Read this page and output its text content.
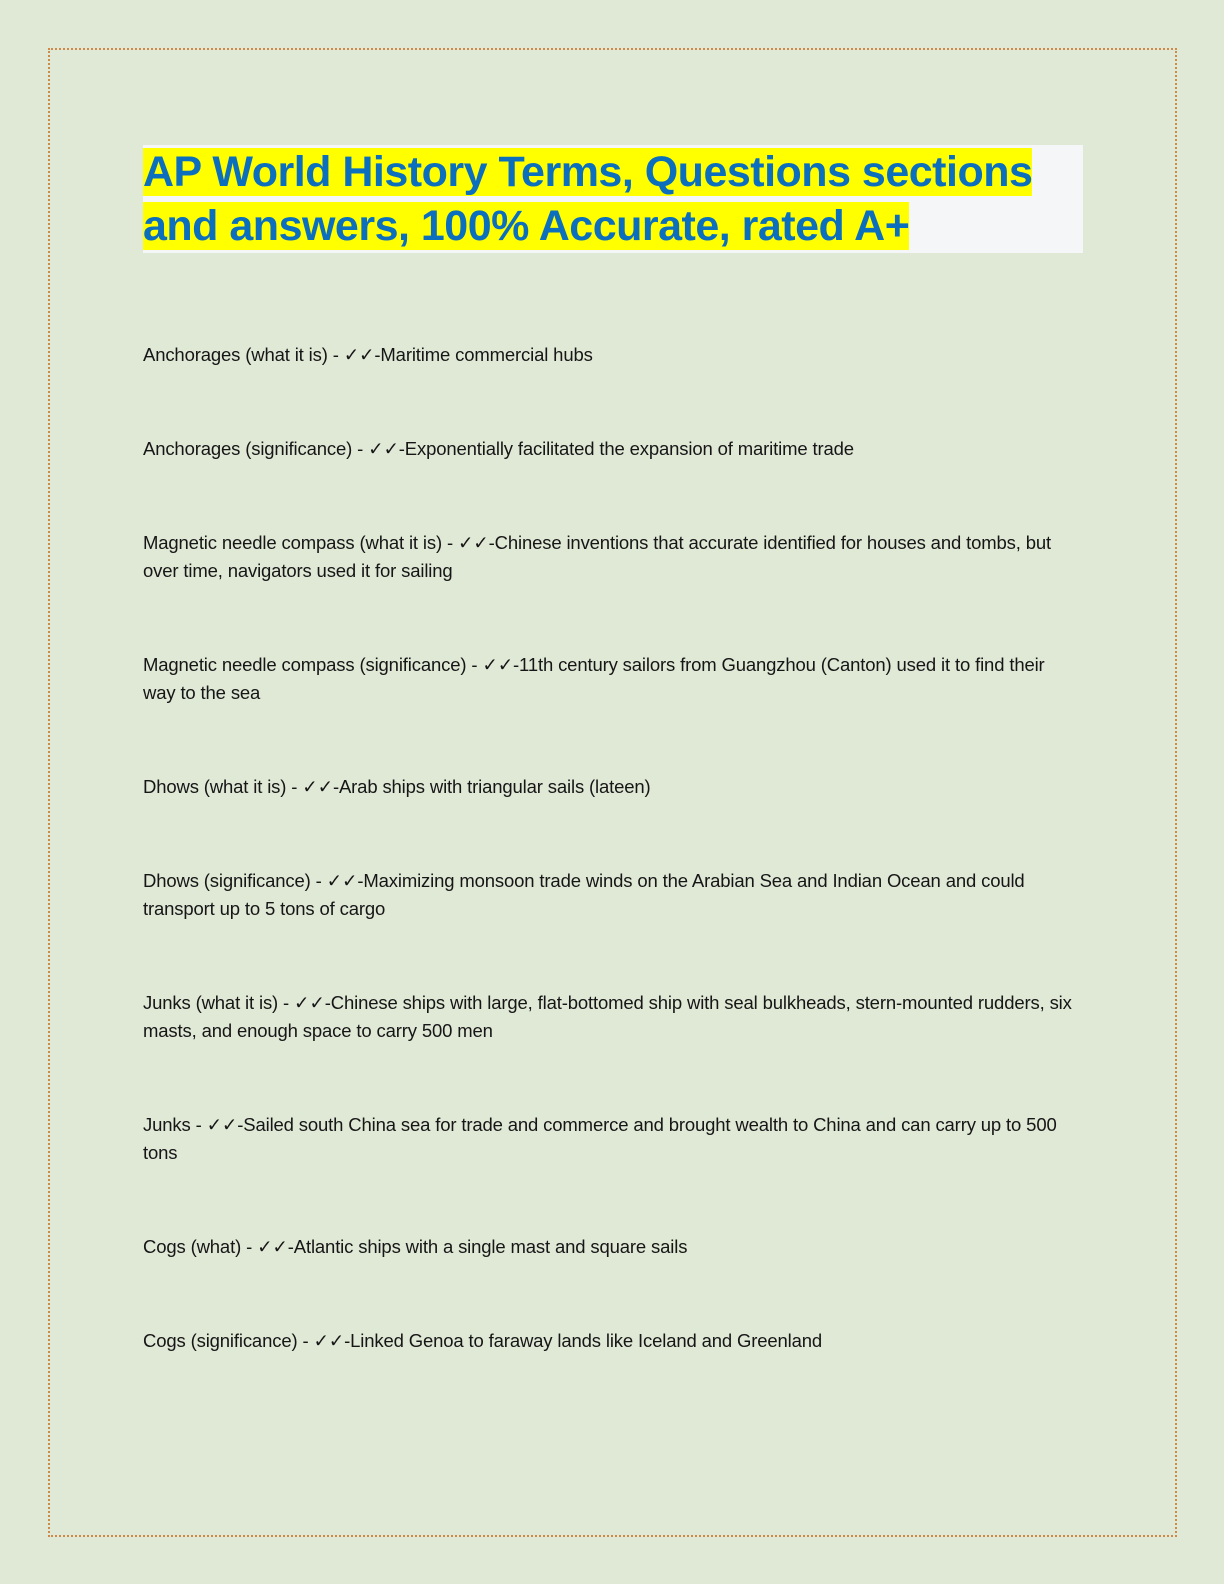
AP World History Terms, Questions sections and answers, 100% Accurate, rated A+

Anchorages (what it is) - ✓✓-Maritime commercial hubs

Anchorages (significance) - ✓✓-Exponentially facilitated the expansion of maritime trade

Magnetic needle compass (what it is) - ✓✓-Chinese inventions that accurate identified for houses and tombs, but over time, navigators used it for sailing

Magnetic needle compass (significance) - ✓✓-11th century sailors from Guangzhou (Canton) used it to find their way to the sea

Dhows (what it is) - ✓✓-Arab ships with triangular sails (lateen)

Dhows (significance) - ✓✓-Maximizing monsoon trade winds on the Arabian Sea and Indian Ocean and could transport up to 5 tons of cargo

Junks (what it is) - ✓✓-Chinese ships with large, flat-bottomed ship with seal bulkheads, stern-mounted rudders, six masts, and enough space to carry 500 men

Junks - ✓✓-Sailed south China sea for trade and commerce and brought wealth to China and can carry up to 500 tons

Cogs (what) - ✓✓-Atlantic ships with a single mast and square sails

Cogs (significance) - ✓✓-Linked Genoa to faraway lands like Iceland and Greenland
